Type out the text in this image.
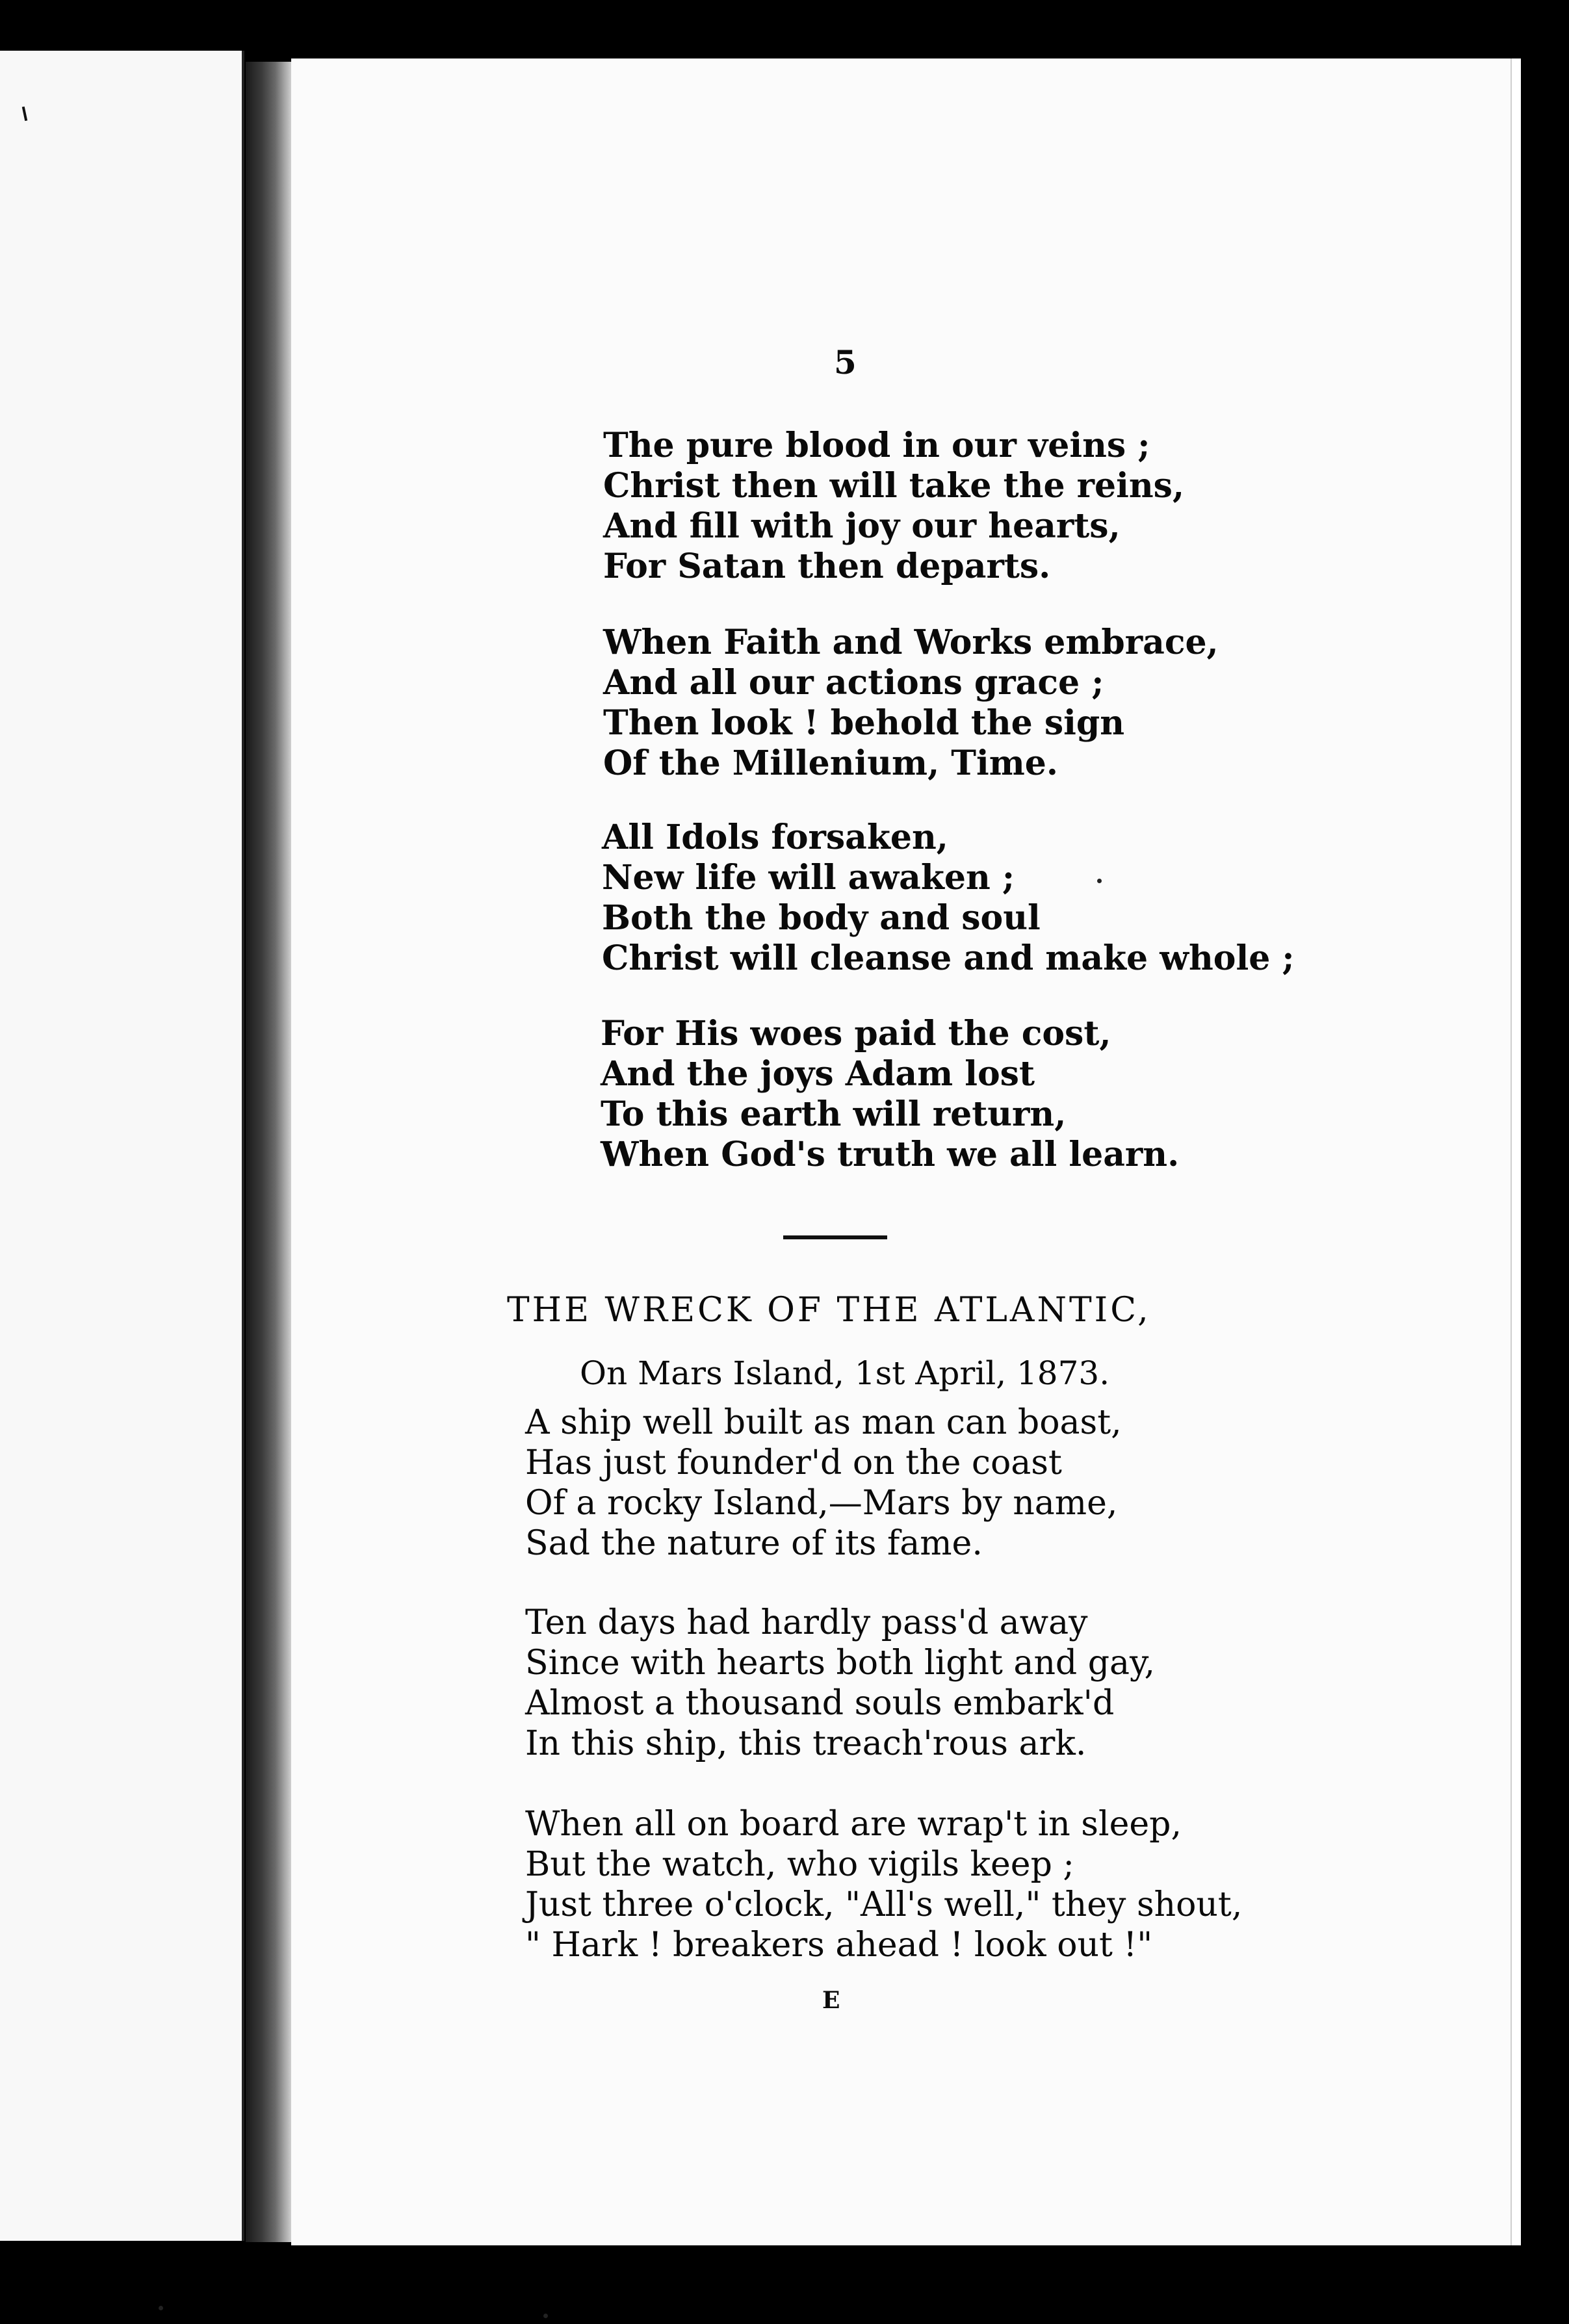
5
The pure blood in our veins ;
Christ then will take the reins,
And fill with joy our hearts,
For Satan then departs.
When Faith and Works embrace,
And all our actions grace ;
Then look ! behold the sign
Of the Millenium, Time.
All Idols forsaken,
New life will awaken ;
Both the body and soul
Christ will cleanse and make whole ;
For His woes paid the cost,
And the joys Adam lost
To this earth will return,
When God's truth we all learn.
THE WRECK OF THE ATLANTIC,
On Mars Island, 1st April, 1873.
A ship well built as man can boast,
Has just founder'd on the coast
Of a rocky Island,—Mars by name,
Sad the nature of its fame.
Ten days had hardly pass'd away
Since with hearts both light and gay,
Almost a thousand souls embark'd
In this ship, this treach'rous ark.
When all on board are wrap't in sleep,
But the watch, who vigils keep ;
Just three o'clock, "All's well," they shout,
" Hark ! breakers ahead ! look out !"
E
